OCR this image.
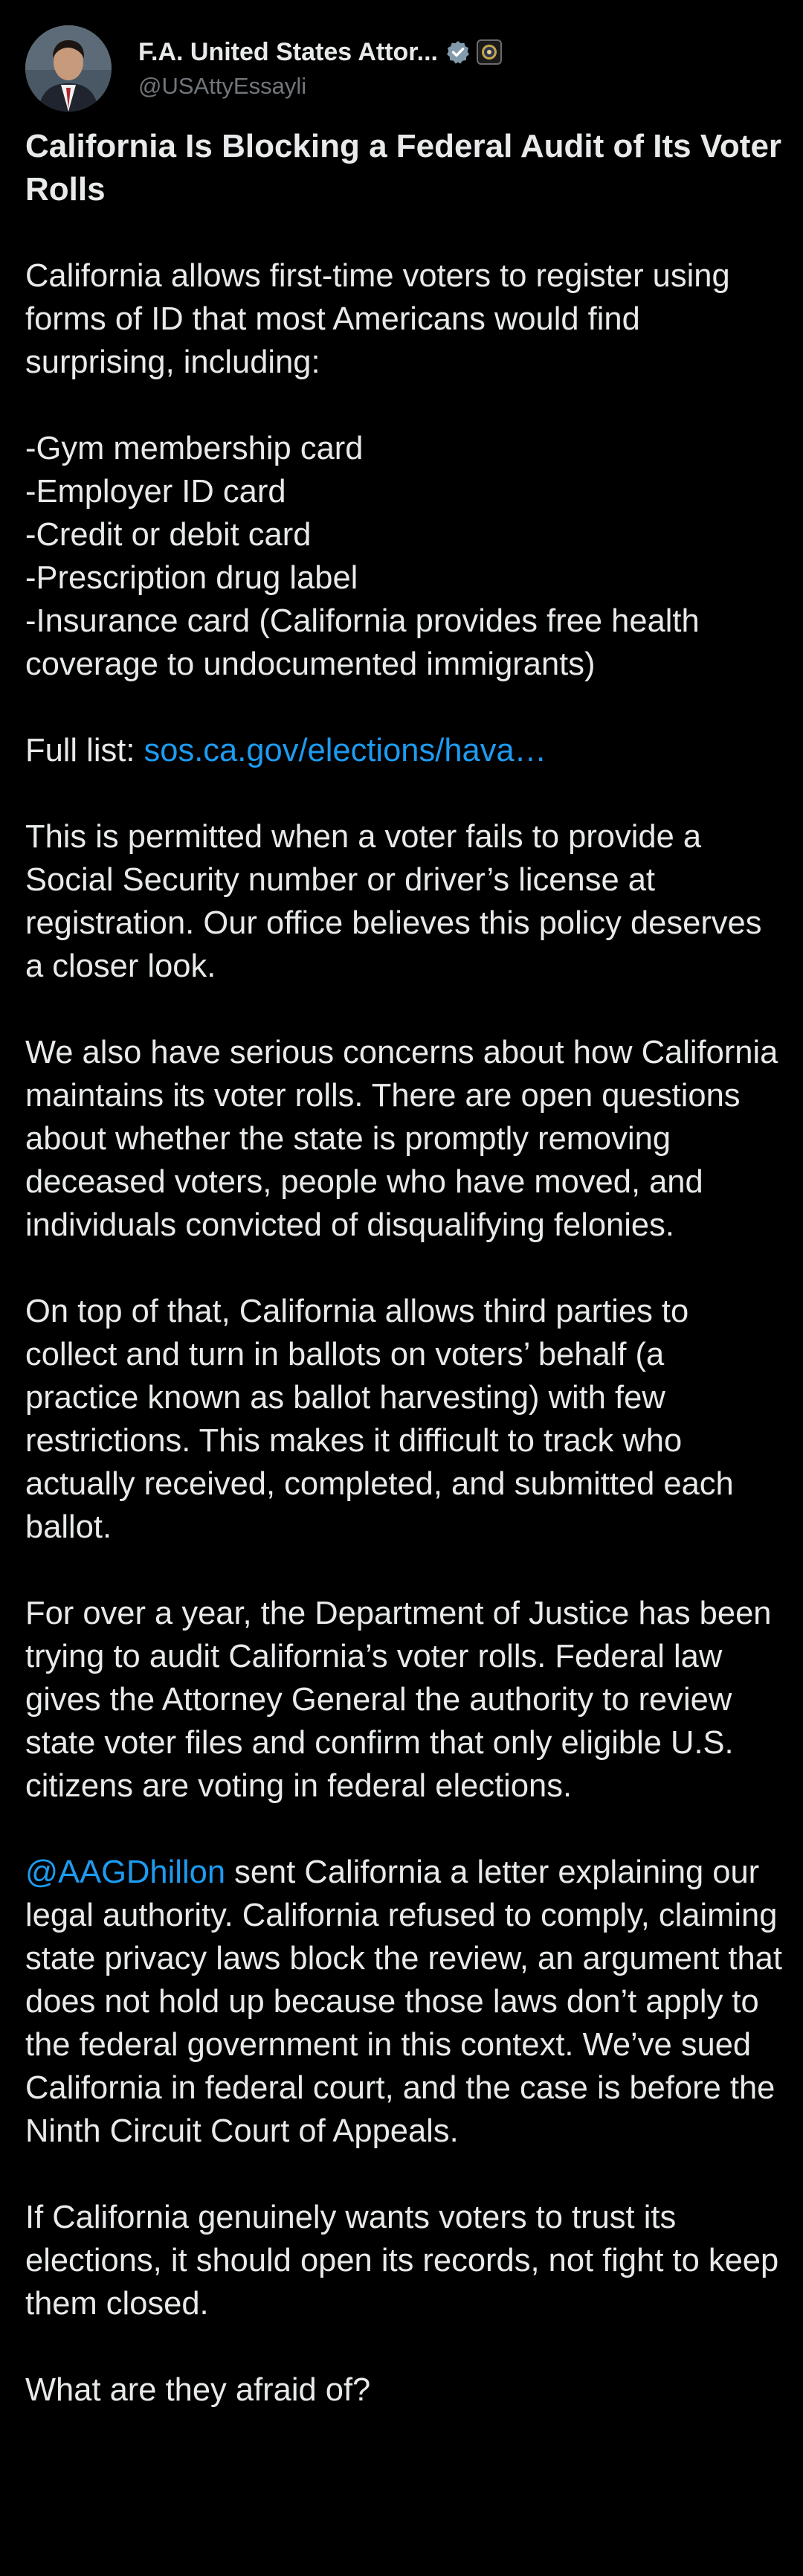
F.A. United States Attor...
@USAttyEssayli

California Is Blocking a Federal Audit of Its Voter Rolls

California allows first-time voters to register using forms of ID that most Americans would find surprising, including:

-Gym membership card

-Employer ID card

-Credit or debit card

-Prescription drug label

-Insurance card (California provides free health coverage to undocumented immigrants)

Full list: sos.ca.gov/elections/hava…

This is permitted when a voter fails to provide a Social Security number or driver’s license at registration. Our office believes this policy deserves a closer look.

We also have serious concerns about how California maintains its voter rolls. There are open questions about whether the state is promptly removing deceased voters, people who have moved, and individuals convicted of disqualifying felonies.

On top of that, California allows third parties to collect and turn in ballots on voters’ behalf (a practice known as ballot harvesting) with few restrictions. This makes it difficult to track who actually received, completed, and submitted each ballot.

For over a year, the Department of Justice has been trying to audit California’s voter rolls. Federal law gives the Attorney General the authority to review state voter files and confirm that only eligible U.S. citizens are voting in federal elections.

@AAGDhillon sent California a letter explaining our legal authority. California refused to comply, claiming state privacy laws block the review, an argument that does not hold up because those laws don’t apply to the federal government in this context. We’ve sued California in federal court, and the case is before the Ninth Circuit Court of Appeals.

If California genuinely wants voters to trust its elections, it should open its records, not fight to keep them closed.

What are they afraid of?
